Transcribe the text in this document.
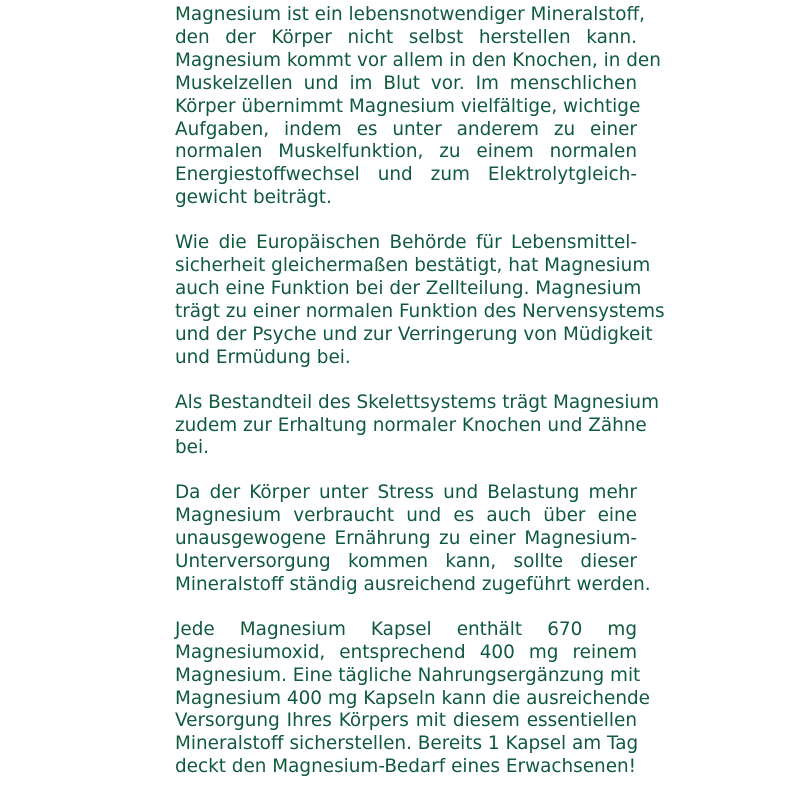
Magnesium ist ein lebensnotwendiger Mineralstoff,
den der Körper nicht selbst herstellen kann.
Magnesium kommt vor allem in den Knochen, in den
Muskelzellen und im Blut vor. Im menschlichen
Körper übernimmt Magnesium vielfältige, wichtige
Aufgaben, indem es unter anderem zu einer
normalen Muskelfunktion, zu einem normalen
Energiestoffwechsel und zum Elektrolytgleich-
gewicht beiträgt.
Wie die Europäischen Behörde für Lebensmittel-
sicherheit gleichermaßen bestätigt, hat Magnesium
auch eine Funktion bei der Zellteilung. Magnesium
trägt zu einer normalen Funktion des Nervensystems
und der Psyche und zur Verringerung von Müdigkeit
und Ermüdung bei.
Als Bestandteil des Skelettsystems trägt Magnesium
zudem zur Erhaltung normaler Knochen und Zähne
bei.
Da der Körper unter Stress und Belastung mehr
Magnesium verbraucht und es auch über eine
unausgewogene Ernährung zu einer Magnesium-
Unterversorgung kommen kann, sollte dieser
Mineralstoff ständig ausreichend zugeführt werden.
Jede Magnesium Kapsel enthält 670 mg
Magnesiumoxid, entsprechend 400 mg reinem
Magnesium. Eine tägliche Nahrungsergänzung mit
Magnesium 400 mg Kapseln kann die ausreichende
Versorgung Ihres Körpers mit diesem essentiellen
Mineralstoff sicherstellen. Bereits 1 Kapsel am Tag
deckt den Magnesium-Bedarf eines Erwachsenen!
